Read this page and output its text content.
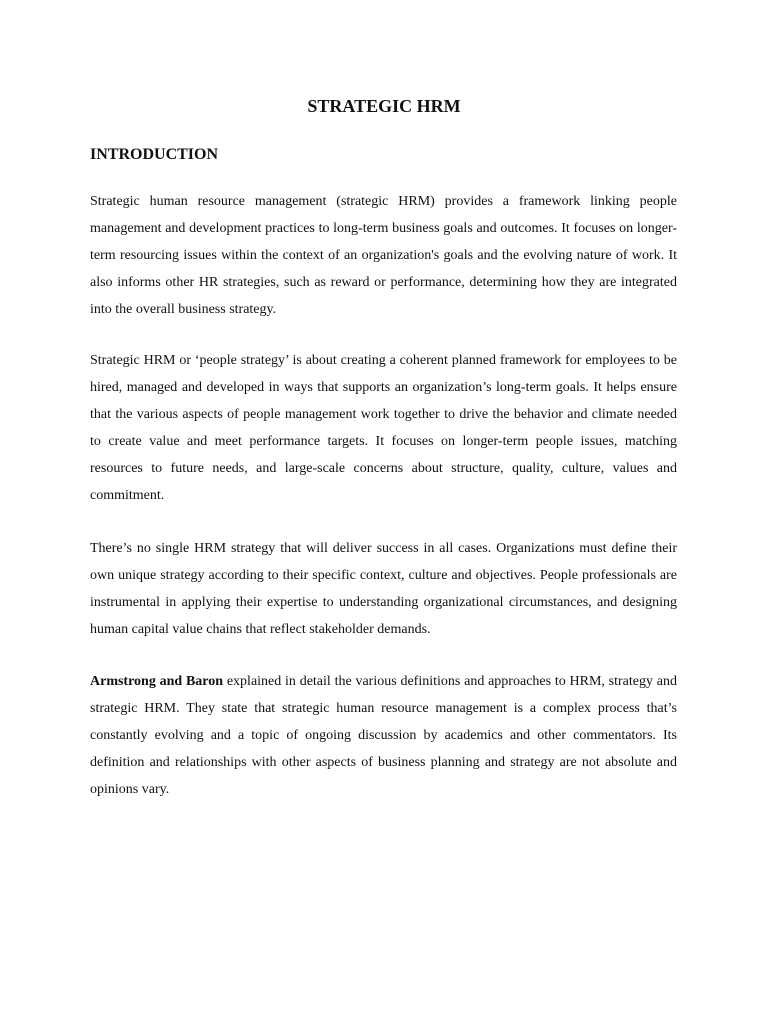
STRATEGIC HRM
INTRODUCTION

Strategic human resource management (strategic HRM) provides a framework linking people management and development practices to long-term business goals and outcomes. It focuses on longer-term resourcing issues within the context of an organization's goals and the evolving nature of work. It also informs other HR strategies, such as reward or performance, determining how they are integrated into the overall business strategy.

Strategic HRM or ‘people strategy’ is about creating a coherent planned framework for employees to be hired, managed and developed in ways that supports an organization’s long-term goals. It helps ensure that the various aspects of people management work together to drive the behavior and climate needed to create value and meet performance targets. It focuses on longer-term people issues, matching resources to future needs, and large-scale concerns about structure, quality, culture, values and commitment.

There’s no single HRM strategy that will deliver success in all cases. Organizations must define their own unique strategy according to their specific context, culture and objectives. People professionals are instrumental in applying their expertise to understanding organizational circumstances, and designing human capital value chains that reflect stakeholder demands.

Armstrong and Baron explained in detail the various definitions and approaches to HRM, strategy and strategic HRM. They state that strategic human resource management is a complex process that’s constantly evolving and a topic of ongoing discussion by academics and other commentators. Its definition and relationships with other aspects of business planning and strategy are not absolute and opinions vary.
